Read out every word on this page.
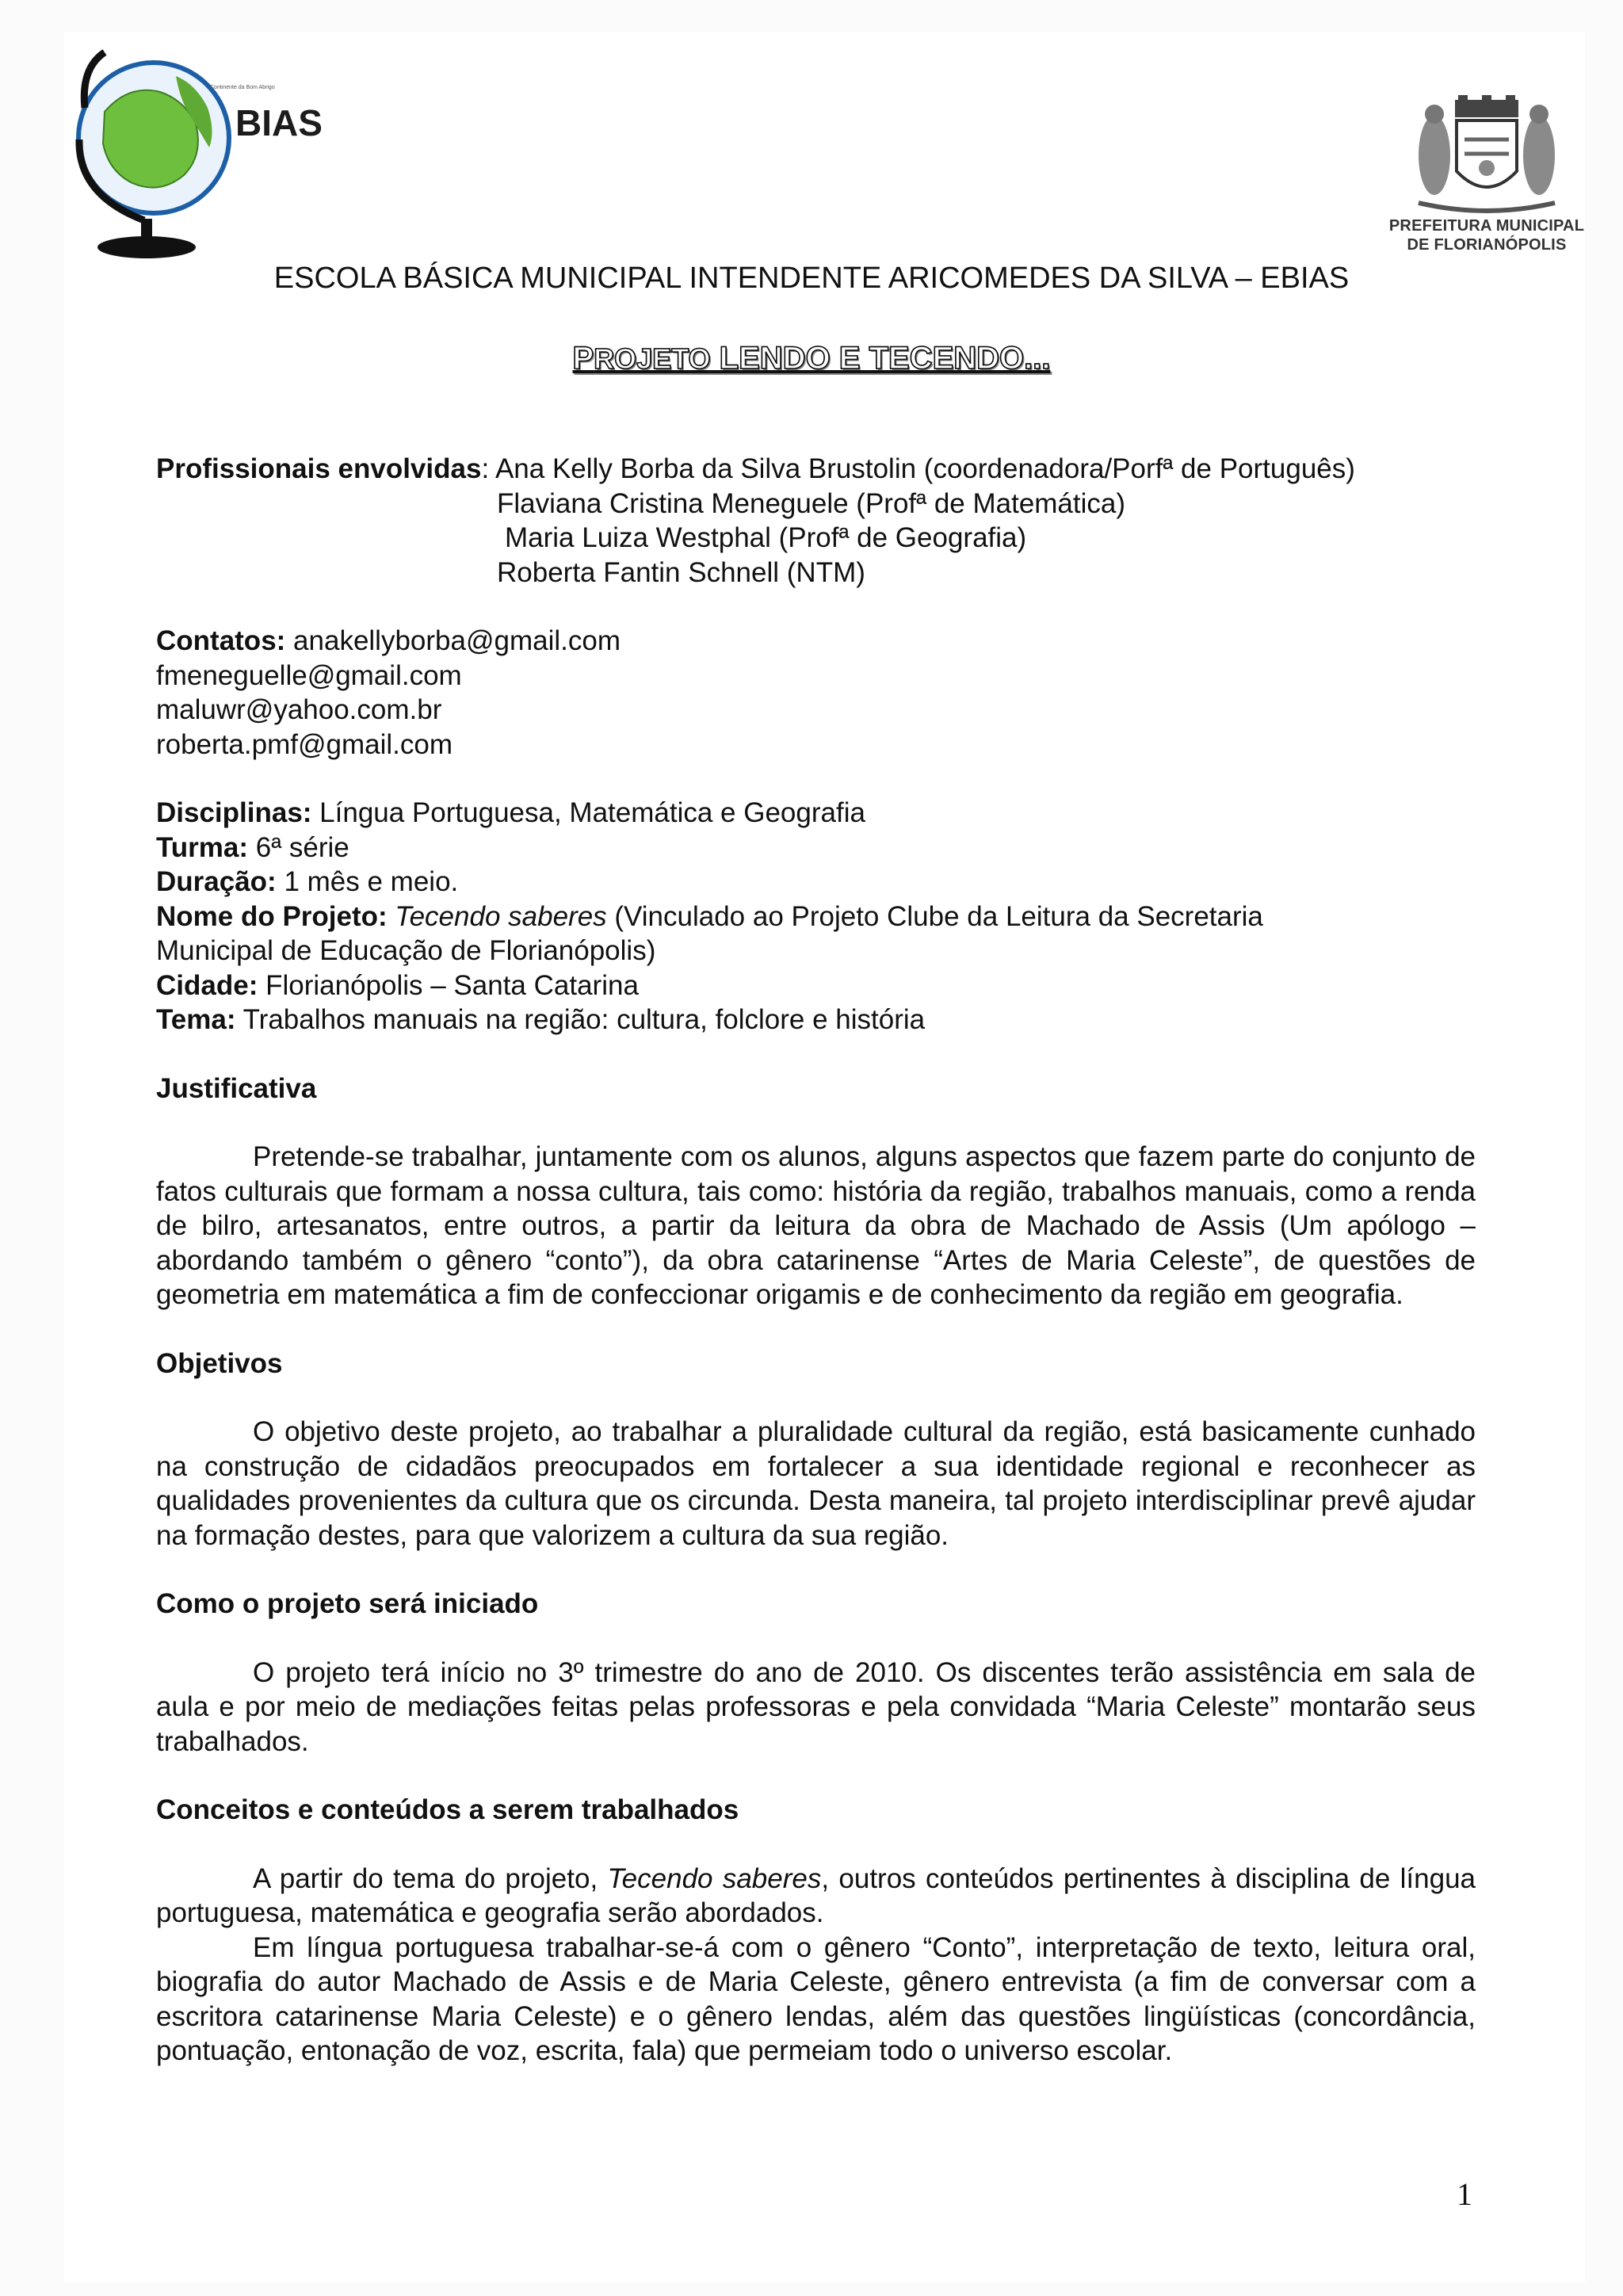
BIAS
Continente da Bom Abrigo
PREFEITURA MUNICIPAL
DE FLORIANÓPOLIS
ESCOLA BÁSICA MUNICIPAL INTENDENTE ARICOMEDES DA SILVA – EBIAS
PROJETO LENDO E TECENDO...
Profissionais envolvidas: Ana Kelly Borba da Silva Brustolin (coordenadora/Porfª de Português)
Flaviana Cristina Meneguele (Profª de Matemática)
Maria Luiza Westphal (Profª de Geografia)
Roberta Fantin Schnell (NTM)
Contatos: anakellyborba@gmail.com
fmeneguelle@gmail.com
maluwr@yahoo.com.br
roberta.pmf@gmail.com
Disciplinas: Língua Portuguesa, Matemática e Geografia
Turma: 6ª série
Duração: 1 mês e meio.
Nome do Projeto: Tecendo saberes (Vinculado ao Projeto Clube da Leitura da Secretaria
Municipal de Educação de Florianópolis)
Cidade: Florianópolis – Santa Catarina
Tema: Trabalhos manuais na região: cultura, folclore e história
Justificativa
Pretende-se trabalhar, juntamente com os alunos, alguns aspectos que fazem parte do conjunto de fatos culturais que formam a nossa cultura, tais como: história da região, trabalhos manuais, como a renda de bilro, artesanatos, entre outros, a partir da leitura da obra de Machado de Assis (Um apólogo – abordando também o gênero “conto”), da obra catarinense “Artes de Maria Celeste”, de questões de geometria em matemática a fim de confeccionar origamis e de conhecimento da região em geografia.
Objetivos
O objetivo deste projeto, ao trabalhar a pluralidade cultural da região, está basicamente cunhado na construção de cidadãos preocupados em fortalecer a sua identidade regional e reconhecer as qualidades provenientes da cultura que os circunda. Desta maneira, tal projeto interdisciplinar prevê ajudar na formação destes, para que valorizem a cultura da sua região.
Como o projeto será iniciado
O projeto terá início no 3º trimestre do ano de 2010. Os discentes terão assistência em sala de aula e por meio de mediações feitas pelas professoras e pela convidada “Maria Celeste” montarão seus trabalhados.
Conceitos e conteúdos a serem trabalhados
A partir do tema do projeto, Tecendo saberes, outros conteúdos pertinentes à disciplina de língua portuguesa, matemática e geografia serão abordados.
Em língua portuguesa trabalhar-se-á com o gênero “Conto”, interpretação de texto, leitura oral, biografia do autor Machado de Assis e de Maria Celeste, gênero entrevista (a fim de conversar com a escritora catarinense Maria Celeste) e o gênero lendas, além das questões lingüísticas (concordância, pontuação, entonação de voz, escrita, fala) que permeiam todo o universo escolar.
1
